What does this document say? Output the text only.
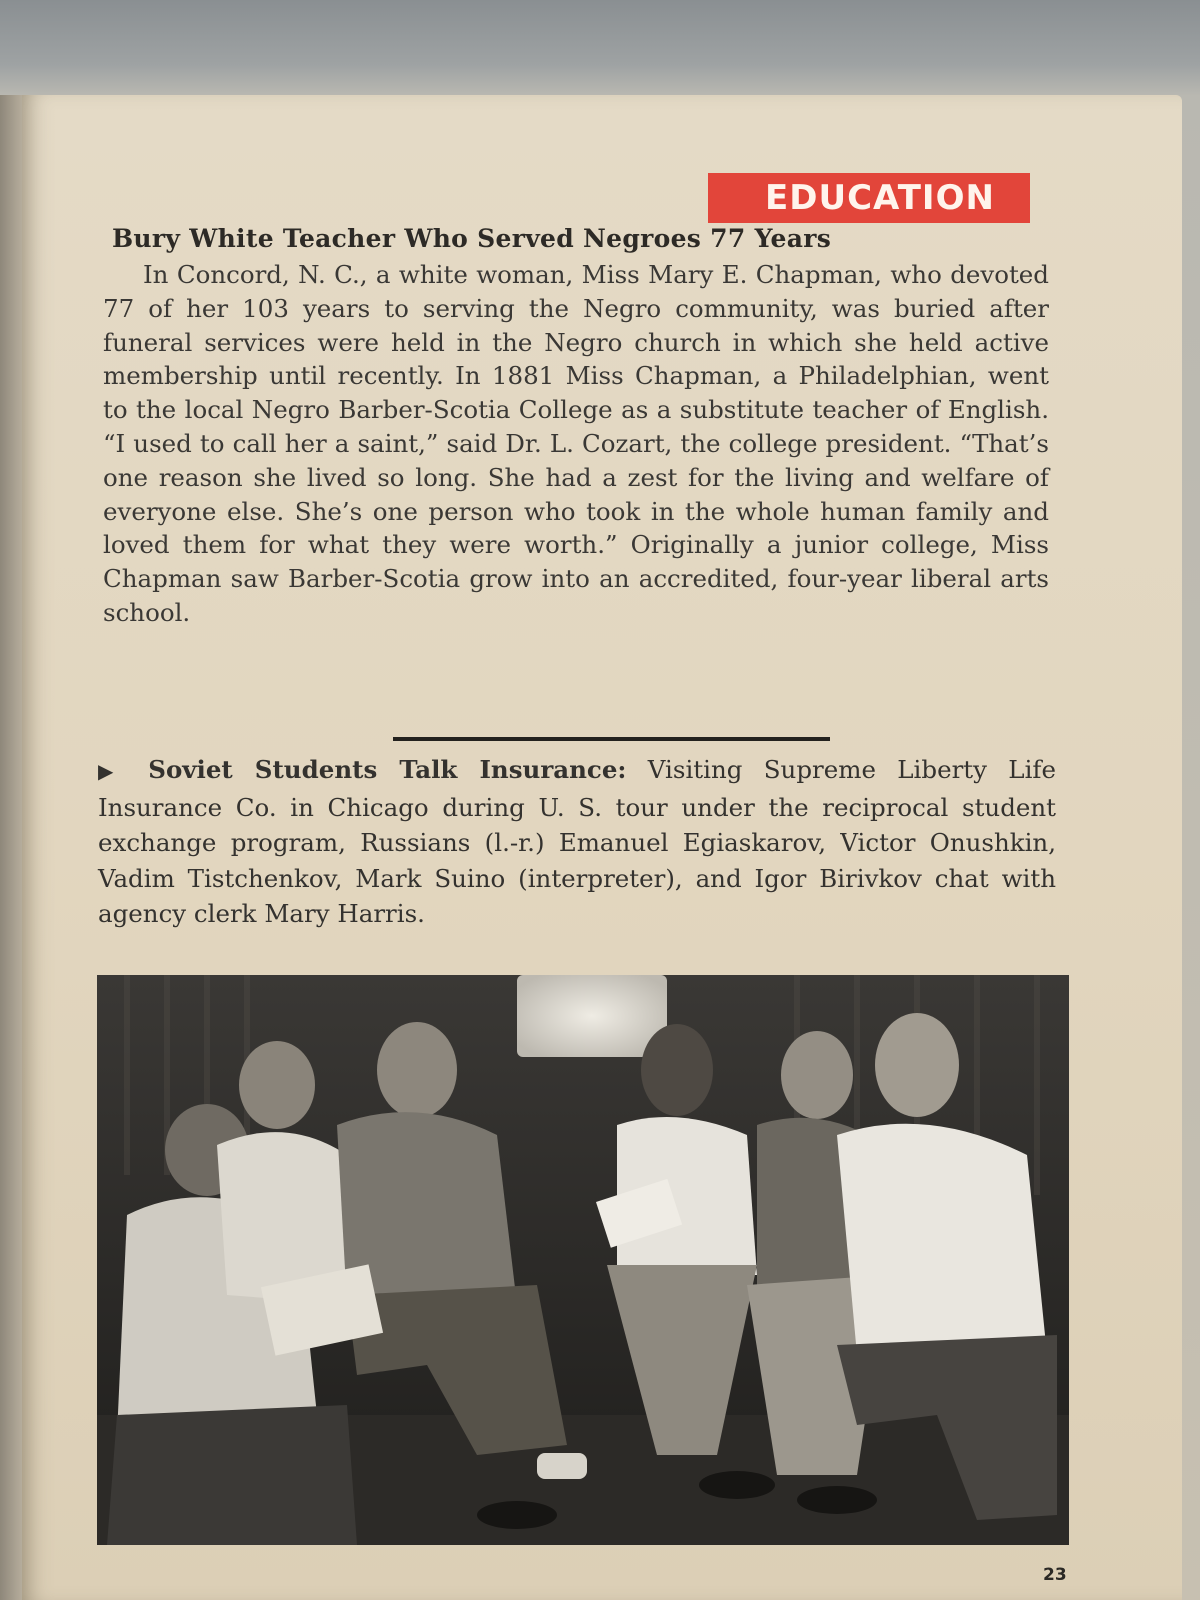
EDUCATION
Bury White Teacher Who Served Negroes 77 Years

In Concord, N. C., a white woman, Miss Mary E. Chapman, who devoted 77 of her 103 years to serving the Negro community, was buried after funeral services were held in the Negro church in which she held active membership until recently. In 1881 Miss Chapman, a Philadelphian, went to the local Negro Barber-Scotia College as a substitute teacher of English. “I used to call her a saint,” said Dr. L. Cozart, the college president. “That’s one reason she lived so long. She had a zest for the living and welfare of everyone else. She’s one person who took in the whole human family and loved them for what they were worth.” Originally a junior college, Miss Chapman saw Barber-Scotia grow into an accredited, four-year liberal arts school.

▶ Soviet Students Talk Insurance: Visiting Supreme Liberty Life Insurance Co. in Chicago during U. S. tour under the reciprocal student exchange program, Russians (l.-r.) Emanuel Egiaskarov, Victor Onushkin, Vadim Tistchenkov, Mark Suino (interpreter), and Igor Birivkov chat with agency clerk Mary Harris.

23
